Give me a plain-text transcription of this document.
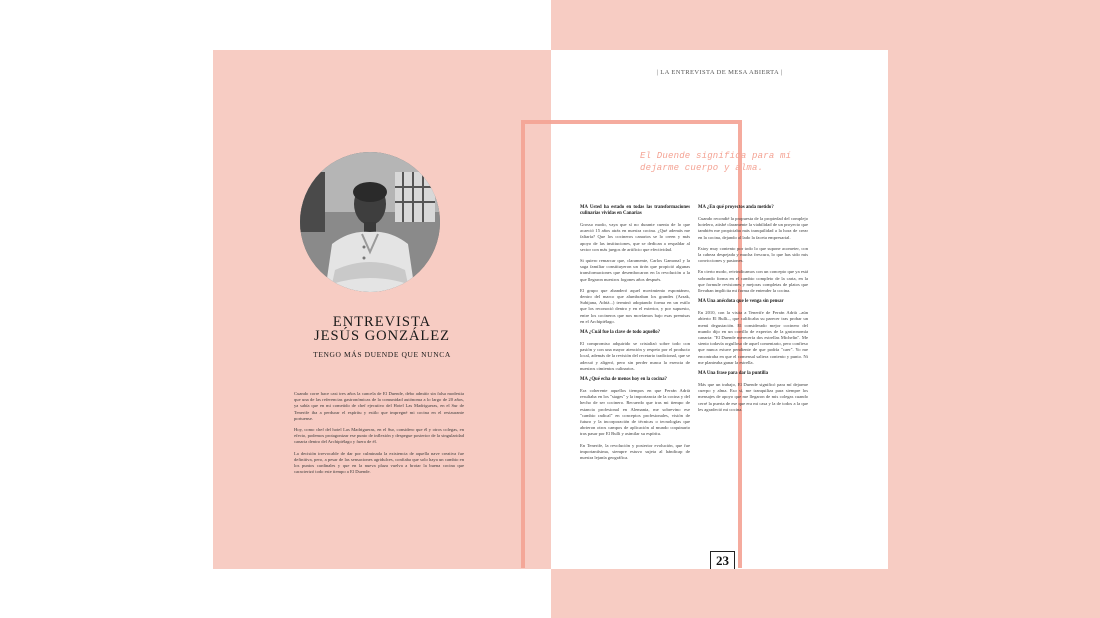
ENTREVISTA
JESÚS GONZÁLEZ
TENGO MÁS DUENDE QUE NUNCA

Cuando corre hace casi tres años la cancela de El Duende, debo admitir sin falsa modestia que una de las referencias gastronómicas de la comunidad autónoma a lo largo de 20 años, ya sabía que en mi cometido de chef ejecutivo del Hotel Las Madrigueras, en el Sur de Tenerife iba a perdurar el espíritu y estilo que impregné mi cocina en el restaurante portuense.

Hoy, como chef del hotel Las Madrigueras, en el Sur, considero que él y otros colegas, en efecto, podemos protagonizar ese punto de inflexión y despegue posterior de la singularidad canaria dentro del Archipiélago y fuera de él.

La decisión irrevocable de dar por culminada la existencia de aquella nave creativa fue definitiva, pero, a pesar de las sensaciones agridulces, confiaba que solo haya un cambio en los puntos cardinales y que en la nueva plaza vuelva a brotar la buena cocina que caracterizó todo este tiempo a El Duende.

| LA ENTREVISTA DE MESA ABIERTA |
El Duende significa para mí dejarme cuerpo y alma.

MA Usted ha estado en todas las transformaciones culinarias vividas en Canarias

Grosso modo, vaya que sí no durante cuenta de lo que acaeció 15 años atrás en nuestra cocina. ¿Qué además me faltaría? Que los cocineros canarios se lo creen y más apoyo de las instituciones, que se dedican a respaldar al sector con más juegos de artificio que efectividad.

Si quiero remarcar que, claramente, Carlos Gamonal y la saga familiar constituyeron un tirón que propició algunas transformaciones que desembocaron en la revolución a la que llegaron nuestros fogones años después.

El grupo que abanderó aquel movimiento espontáneo, dentro del marco que alumbraban los grandes (Arzak, Subijana, Adrià...) terminó adoptando forma en un estilo que los reconoció dentro y en el exterior, y por supuesto, entre los cocineros que nos movíamos bajo esas premisas en el Archipiélago.

MA ¿Cuál fue la clave de todo aquello?

El compromiso adquirido se cristalizó sobre todo con pasión y con una mayor atención y respeto por el producto local, además de la revisión del recetario tradicional, que se adecuó y aligeró, pero sin perder nunca la esencia de nuestros cimientos culinarios.

MA ¿Qué echa de menos hoy en la cocina?

Era coherente aquellos tiempos en que Ferrán Adrià resultaba en los "stages" y la importancia de la cocina y del hecho de ser cocinero. Recuerdo que tras mi tiempo de estancia profesional en Alemania, me sobrevino ese "cambio radical" en conceptos profesionales, visión de futuro y la incorporación de técnicas o tecnologías que abrieron otros campos de aplicación al mundo coquinario tras pasar por El Bulli y asimilar su espíritu.

En Tenerife, la revolución y posterior evolución, que fue importantísima, siempre estuvo sujeta al hándicap de nuestra lejanía geográfica.

MA ¿En qué proyectos anda metido?

Cuando recondié la propuesta de la propiedad del complejo hotelero, atisbé claramente la viabilidad de un proyecto que también me propiciaba más tranquilidad a la hora de crear en la cocina, dejando al lado la faceta empresarial.

Estoy muy contento por todo lo que supone acometer, con la cabeza despejada y mucha frescura, lo que has sido mis convicciones y pasiones.

En cierto modo, reivindicamos con un concepto que ya está sobrando forma en el cambio completo de la carta, en la que formule revisiones y mejoras completas de platos que llevaban implícita mi forma de entender la cocina.

MA Una anécdota que le venga sin pensar

En 2010, con la visita a Tenerife de Ferrán Adrià –aún abierto El Bulli–, que calificaba su parecer tras probar un menú degustación. El considerado mejor cocinero del mundo dijo en un corrillo de expertos de la gastronomía canaria: "El Duende merecería dos estrellas Michelin". Me siento todavía orgulloso de aquel comentario, pero confieso que nunca estuve pendiente de que podría "caer". Yo me encontraba en que el comensal saliera contento y punto. Ni me planteaba ganar la estrella.

MA Una frase para dar la puntilla

Más que un trabajo, El Duende significó para mí dejarme cuerpo y alma. Eso sí, me tranquiliza para siempre los mensajes de apoyo que me llegaron de mis colegas cuando cerré la puerta de ese que era mi casa y la de todos a la que les agradeció mi cocina.

23
